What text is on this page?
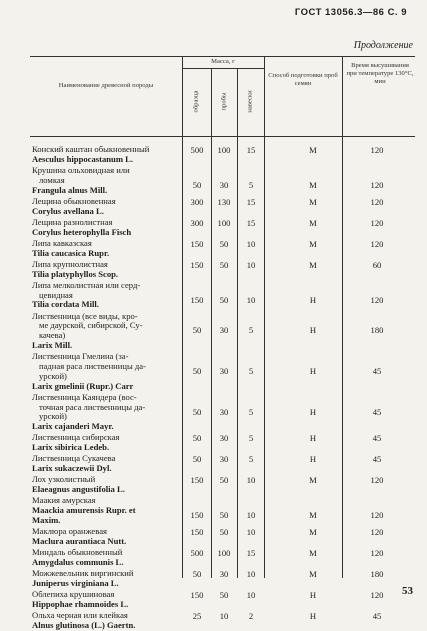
ГОСТ 13056.3—86 С. 9
Продолжение
Наименование древесной породы
Масса, г
образца	пробы	навески
Способ подготовки проб семян
Время высушивания при температуре 130°С, мин
Конский каштан обыкновенный
Aesculus hippocastanum L.
500	100	15	М	120
Крушина ольховидная или
ломкая
Frangula alnus Mill.	50	30	5	М	120
Лещина обыкновенная
Corylus avellana L.
300	130	15	М	120
Лещина разнолистная
Corylus heterophylla Fisch
300	100	15	М	120
Липа кавказская
Tilia caucasica Rupr.
150	50	10	М	120
Липа крупнолистная
Tilia platyphyllos Scop.
150	50	10	М	60
Липа мелколистная или серд-
цевидная
Tilia cordata Mill.	150	50	10	Н	120
Лиственница (все виды, кро-
ме даурской, сибирской, Су-
качева)
Larix Mill.
50	30	5	Н	180
Лиственница Гмелина (за-
падная раса лиственницы да-
урской)
Larix gmelinii (Rupr.) Carr
50	30	5	Н	45
Лиственница Каяндера (вос-
точная раса лиственницы да-
урской)
Larix cajanderi Mayr.
50	30	5	Н	45
Лиственница сибирская
Larix sibirica Ledeb.
50	30	5	Н	45
Лиственница Сукачева
Larix sukaczewii Dyl.
50	30	5	Н	45
Лох узколистный
Elaeagnus angustifolia L.
150	50	10	М	120
Маакия амурская
Maackia amurensis Rupr. et
Maxim.	150	50	10	М	120
Маклюра оранжевая
Maclura aurantiaca Nutt.
150	50	10	М	120
Миндаль обыкновенный
Amygdalus communis L.
500	100	15	М	120
Можжевельник виргинский
Juniperus virginiana L.
50	30	10	М	180
Облепиха крушиновая
Hippophae rhamnoides L.
150	50	10	Н	120
Ольха черная или клейкая
Alnus glutinosa (L.) Gaertn.
25	10	2	Н	45
53
